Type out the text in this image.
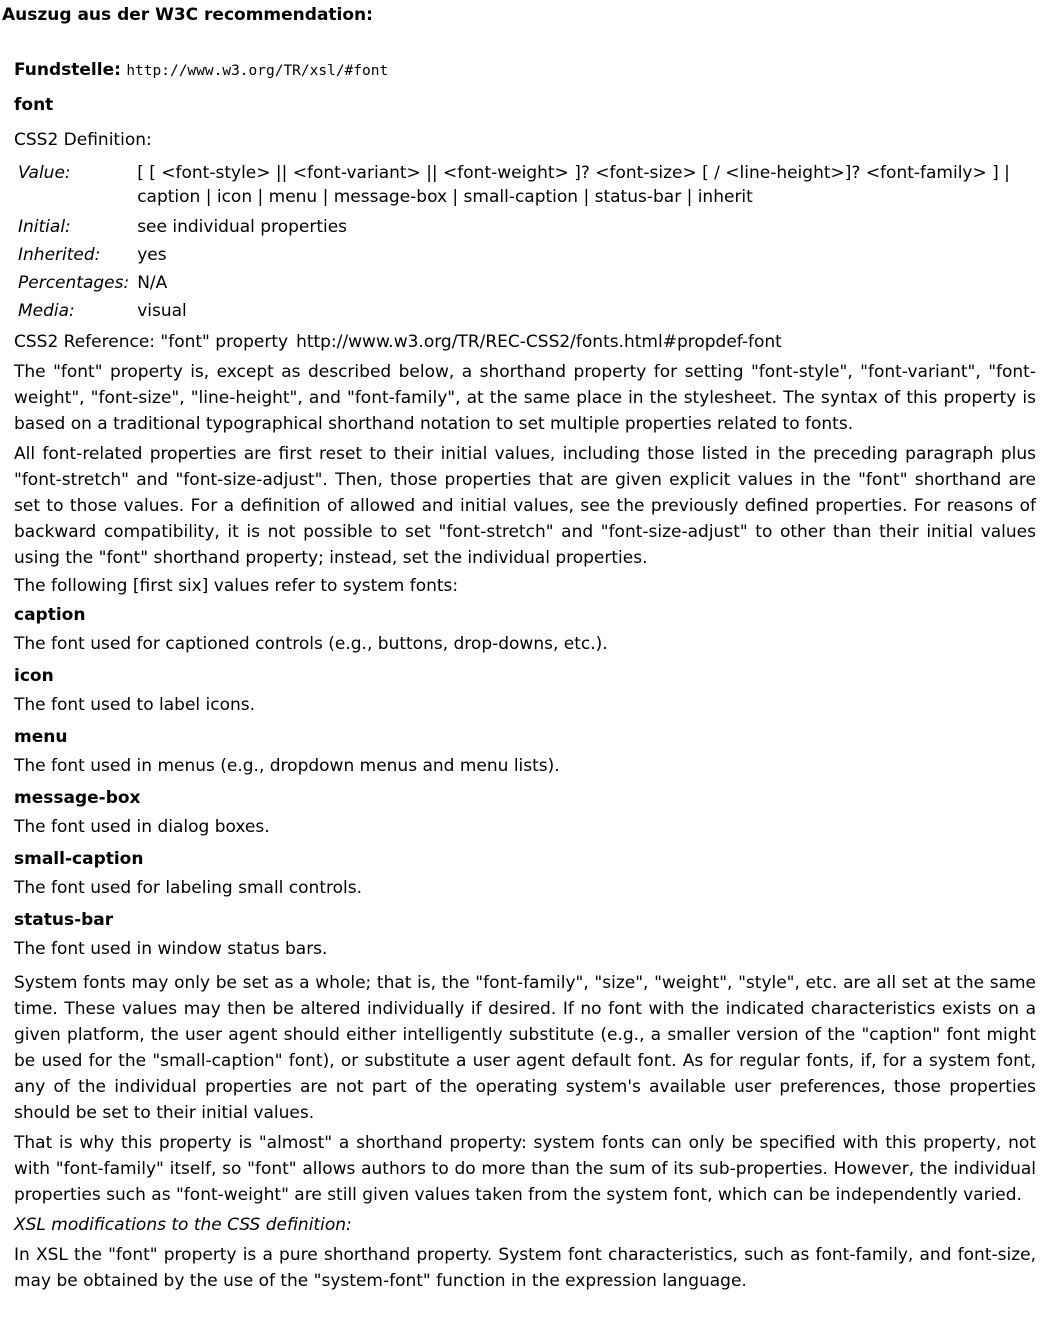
Auszug aus der W3C recommendation:
Fundstelle: http://www.w3.org/TR/xsl/#font
font
CSS2 Definition:
Value:	[ [ <font-style> || <font-variant> || <font-weight> ]? <font-size> [ / <line-height>]? <font-family> ] | caption | icon | menu | message-box | small-caption | status-bar | inherit
Initial:	see individual properties
Inherited:	yes
Percentages:	N/A
Media:	visual
CSS2 Reference: "font" property http://www.w3.org/TR/REC-CSS2/fonts.html#propdef-font

The "font" property is, except as described below, a shorthand property for setting "font-style", "font-variant", "font-weight", "font-size", "line-height", and "font-family", at the same place in the stylesheet. The syntax of this property is based on a traditional typographical shorthand notation to set multiple properties related to fonts.

All font-related properties are first reset to their initial values, including those listed in the preceding paragraph plus "font-stretch" and "font-size-adjust". Then, those properties that are given explicit values in the "font" shorthand are set to those values. For a definition of allowed and initial values, see the previously defined properties. For reasons of backward compatibility, it is not possible to set "font-stretch" and "font-size-adjust" to other than their initial values using the "font" shorthand property; instead, set the individual properties.

The following [first six] values refer to system fonts:
caption
The font used for captioned controls (e.g., buttons, drop-downs, etc.).
icon
The font used to label icons.
menu
The font used in menus (e.g., dropdown menus and menu lists).
message-box
The font used in dialog boxes.
small-caption
The font used for labeling small controls.
status-bar
The font used in window status bars.

System fonts may only be set as a whole; that is, the "font-family", "size", "weight", "style", etc. are all set at the same time. These values may then be altered individually if desired. If no font with the indicated characteristics exists on a given platform, the user agent should either intelligently substitute (e.g., a smaller version of the "caption" font might be used for the "small-caption" font), or substitute a user agent default font. As for regular fonts, if, for a system font, any of the individual properties are not part of the operating system's available user preferences, those properties should be set to their initial values.

That is why this property is "almost" a shorthand property: system fonts can only be specified with this property, not with "font-family" itself, so "font" allows authors to do more than the sum of its sub-properties. However, the individual properties such as "font-weight" are still given values taken from the system font, which can be independently varied.

XSL modifications to the CSS definition:

In XSL the "font" property is a pure shorthand property. System font characteristics, such as font-family, and font-size, may be obtained by the use of the "system-font" function in the expression language.
